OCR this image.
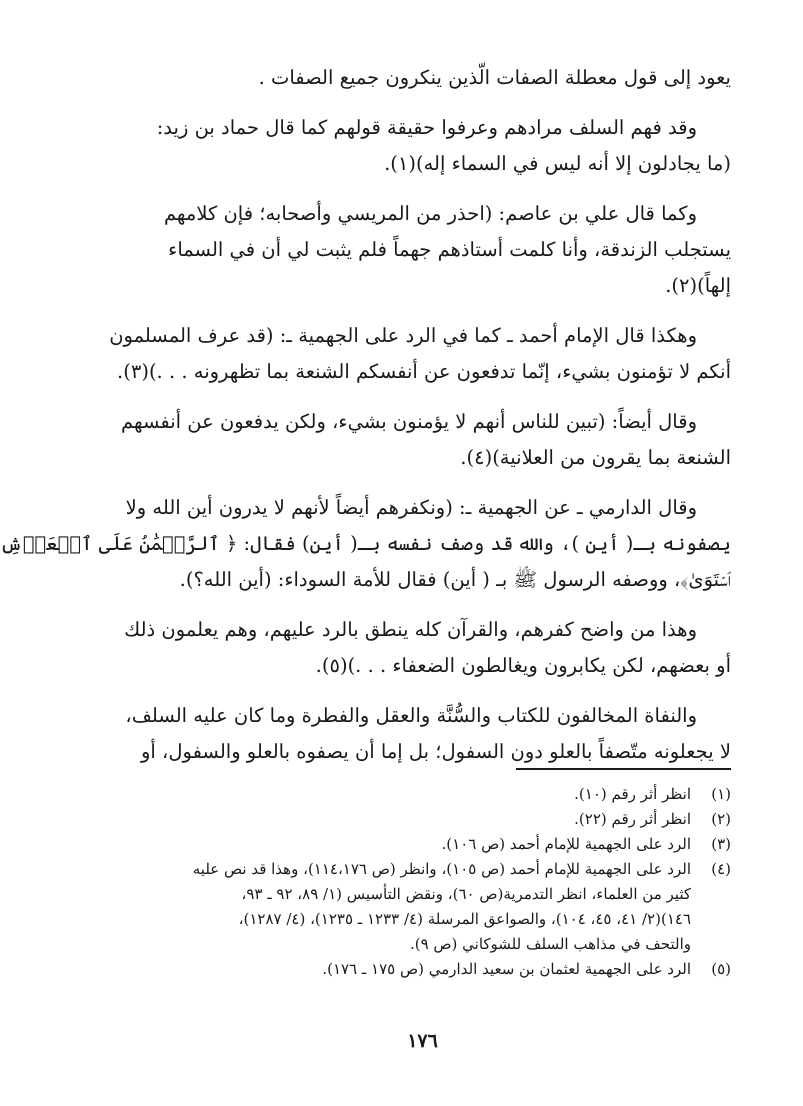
يعود إلى قول معطلة الصفات الّذين ينكرون جميع الصفات .

وقد فهم السلف مرادهم وعرفوا حقيقة قولهم كما قال حماد بن زيد:
(ما يجادلون إلا أنه ليس في السماء إله)(١).

وكما قال علي بن عاصم: (احذر من المريسي وأصحابه؛ فإن كلامهم
يستجلب الزندقة، وأنا كلمت أستاذهم جهماً فلم يثبت لي أن في السماء
إلهاً)(٢).

وهكذا قال الإمام أحمد ـ كما في الرد على الجهمية ـ: (قد عرف المسلمون
أنكم لا تؤمنون بشيء، إنّما تدفعون عن أنفسكم الشنعة بما تظهرونه . . .)(٣).

وقال أيضاً: (تبين للناس أنهم لا يؤمنون بشيء، ولكن يدفعون عن أنفسهم
الشنعة بما يقرون من العلانية)(٤).

وقال الدارمي ـ عن الجهمية ـ: (ونكفرهم أيضاً لأنهم لا يدرون أين الله ولا
يصفونه بـ( أين )، والله قد وصف نفسه بـ( أين) فقال: ﴿ ٱلرَّحۡمَٰنُ عَلَى ٱلۡعَرۡشِ
ٱسۡتَوَىٰ﴾، ووصفه الرسول ﷺ بـ ( أين) فقال للأمة السوداء: (أين الله؟).

وهذا من واضح كفرهم، والقرآن كله ينطق بالرد عليهم، وهم يعلمون ذلك
أو بعضهم، لكن يكابرون ويغالطون الضعفاء . . .)(٥).

والنفاة المخالفون للكتاب والسُّنَّة والعقل والفطرة وما كان عليه السلف،
لا يجعلونه متّصفاً بالعلو دون السفول؛ بل إما أن يصفوه بالعلو والسفول، أو

(١)
انظر أثر رقم (١٠).
(٢)
انظر أثر رقم (٢٢).
(٣)
الرد على الجهمية للإمام أحمد (ص ١٠٦).
(٤)
الرد على الجهمية للإمام أحمد (ص ١٠٥)، وانظر (ص ١١٤،١٧٦)، وهذا قد نص عليه
كثير من العلماء، انظر التدمرية(ص ٦٠)، ونقض التأسيس (١/ ٨٩، ٩٢ ـ ٩٣،
١٤٦)(٢/ ٤١، ٤٥، ١٠٤)، والصواعق المرسلة (٤/ ١٢٣٣ ـ ١٢٣٥)، (٤/ ١٢٨٧)،
والتحف في مذاهب السلف للشوكاني (ص ٩).
(٥)
الرد على الجهمية لعثمان بن سعيد الدارمي (ص ١٧٥ ـ ١٧٦).
١٧٦
